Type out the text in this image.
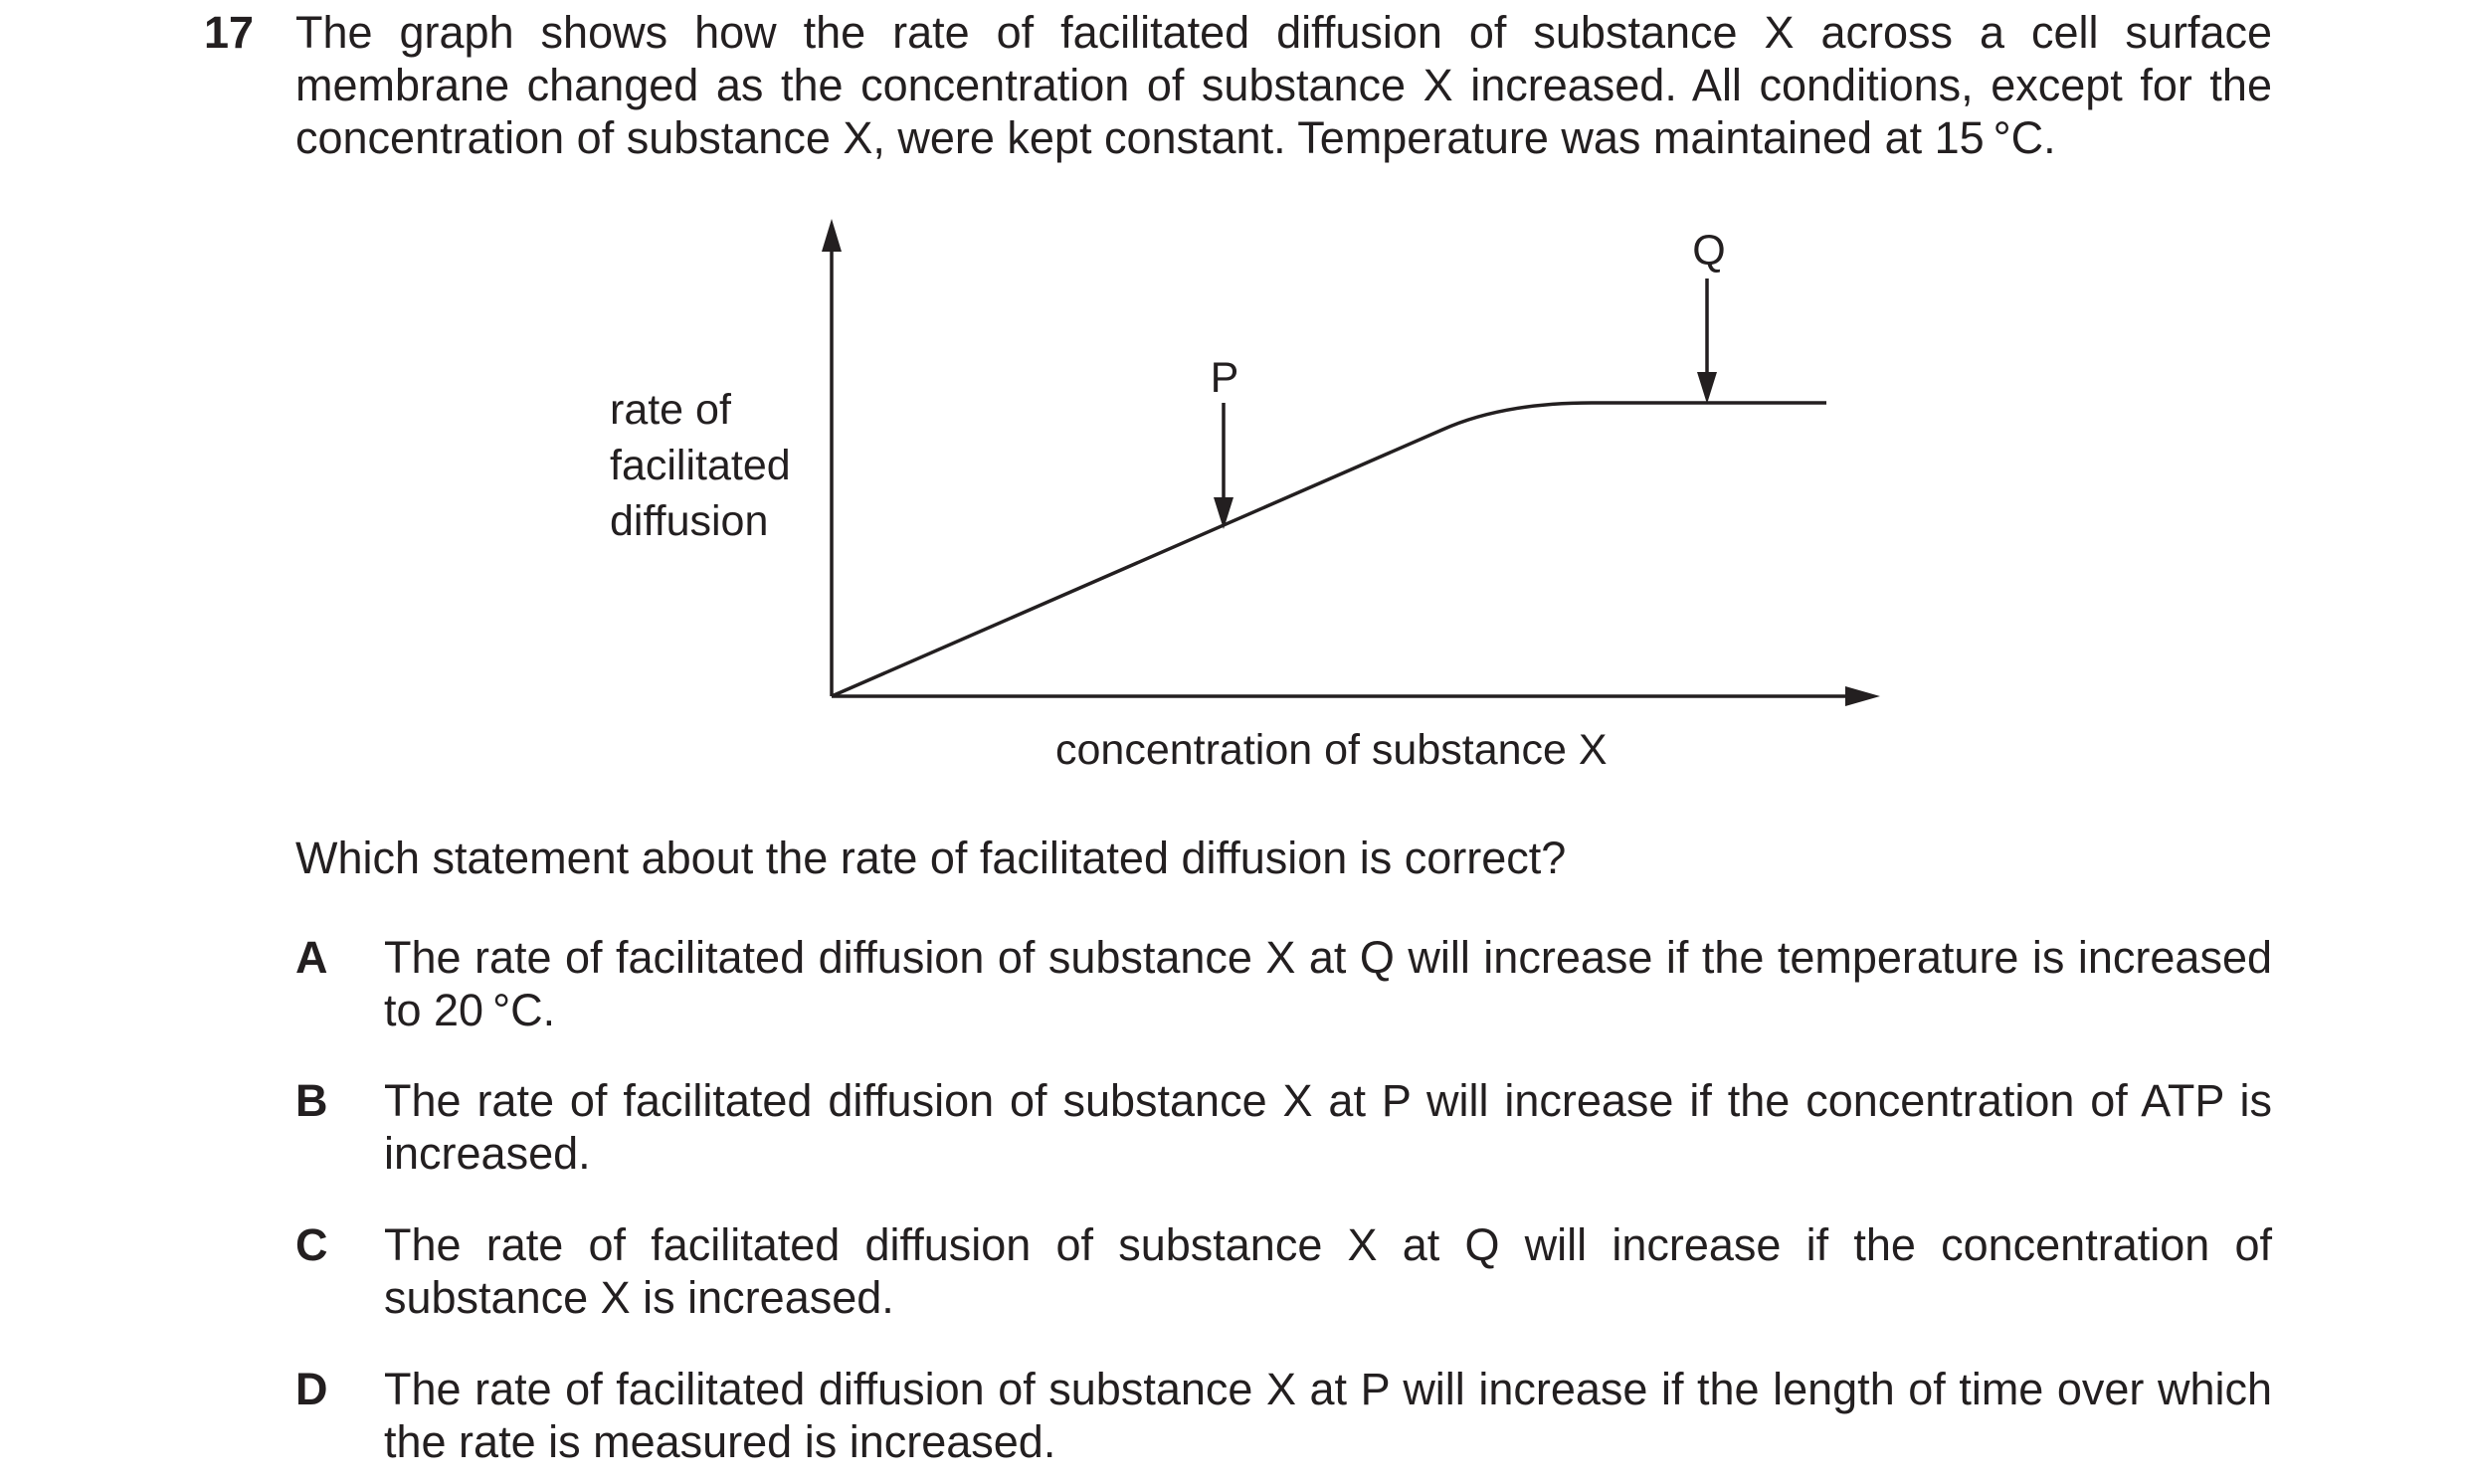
17 The graph shows how the rate of facilitated diffusion of substance X across a cell surface membrane changed as the concentration of substance X increased. All conditions, except for the concentration of substance X, were kept constant. Temperature was maintained at 15 °C.
rate of
facilitated
diffusion
concentration of substance X
P
Q
Which statement about the rate of facilitated diffusion is correct?
A The rate of facilitated diffusion of substance X at Q will increase if the temperature is increased to 20 °C.
B The rate of facilitated diffusion of substance X at P will increase if the concentration of ATP is increased.
C The rate of facilitated diffusion of substance X at Q will increase if the concentration of substance X is increased.
D The rate of facilitated diffusion of substance X at P will increase if the length of time over which the rate is measured is increased.
